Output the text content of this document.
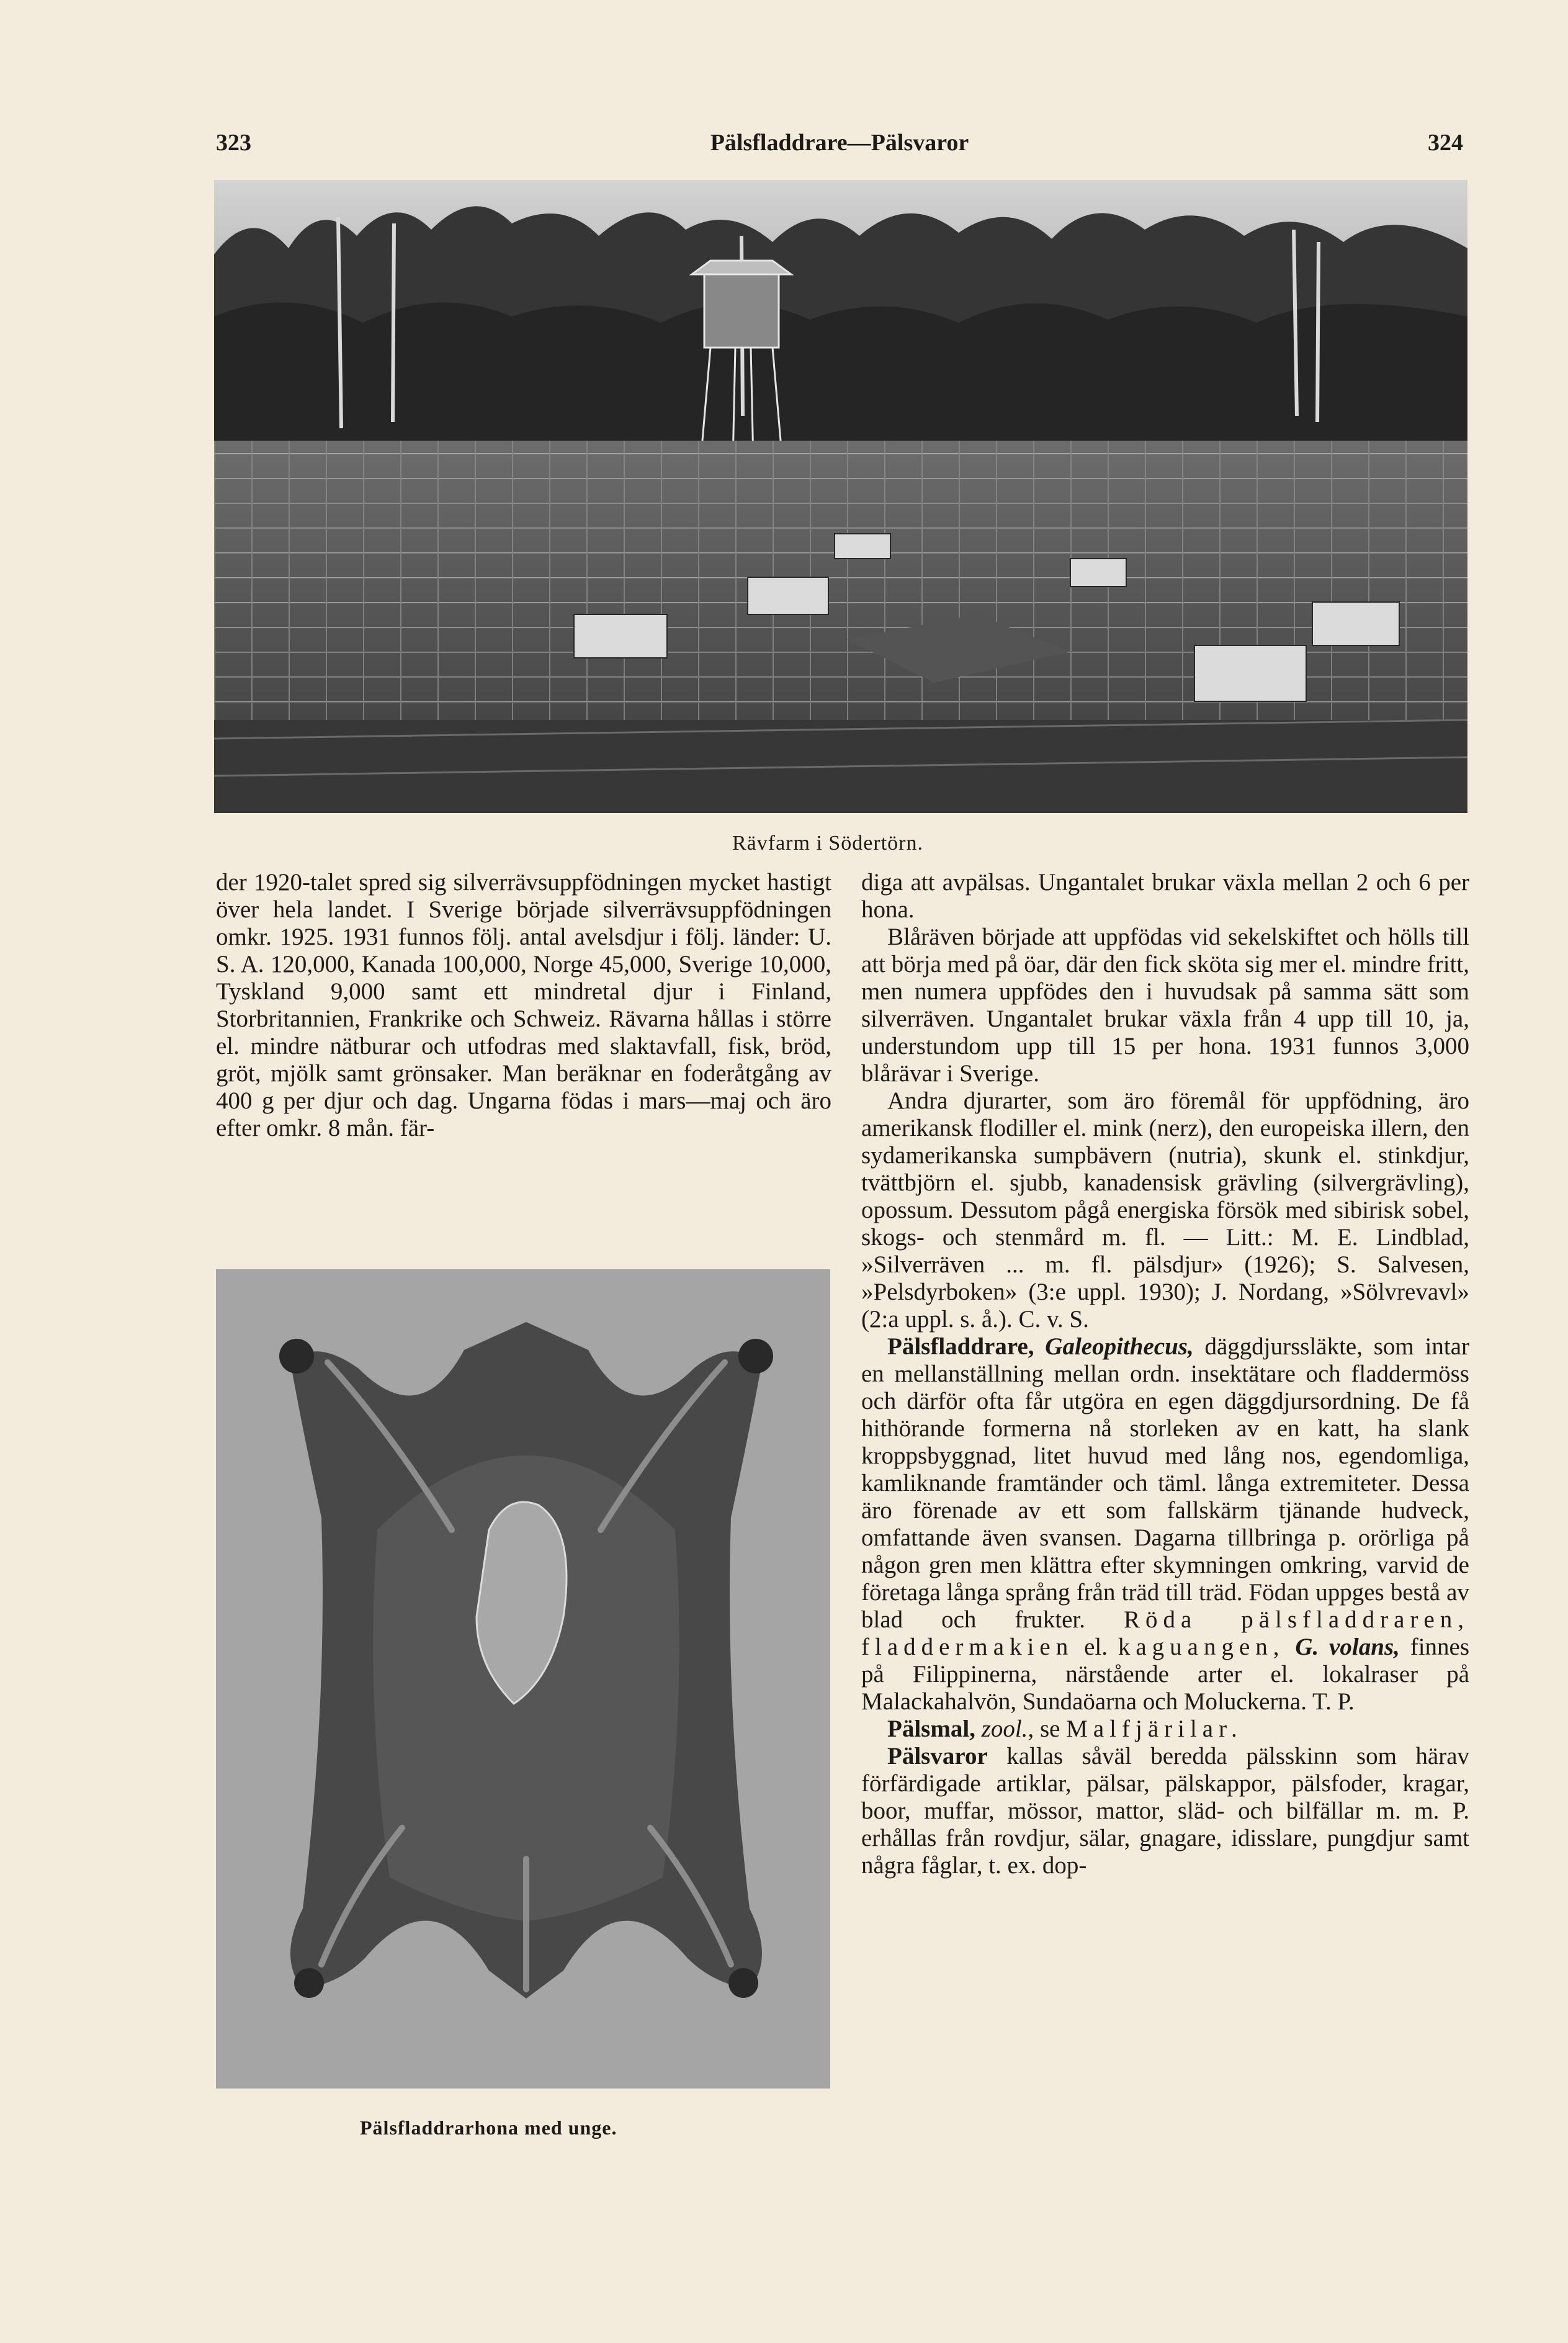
323	Pälsfladdrare—Pälsvaror	324
Rävfarm i Södertörn.

der 1920-talet spred sig silverrävsuppfödningen mycket hastigt över hela landet. I Sverige började silverrävsuppfödningen omkr. 1925. 1931 funnos följ. antal avelsdjur i följ. länder: U. S. A. 120,000, Kanada 100,000, Norge 45,000, Sverige 10,000, Tyskland 9,000 samt ett mindretal djur i Finland, Storbritannien, Frankrike och Schweiz. Rävarna hållas i större el. mindre nätburar och utfodras med slaktavfall, fisk, bröd, gröt, mjölk samt grönsaker. Man beräknar en foderåtgång av 400 g per djur och dag. Ungarna födas i mars—maj och äro efter omkr. 8 mån. fär-

Pälsfladdrarhona med unge.

diga att avpälsas. Ungantalet brukar växla mellan 2 och 6 per hona.

Blåräven började att uppfödas vid sekelskiftet och hölls till att börja med på öar, där den fick sköta sig mer el. mindre fritt, men numera uppfödes den i huvudsak på samma sätt som silverräven. Ungantalet brukar växla från 4 upp till 10, ja, understundom upp till 15 per hona. 1931 funnos 3,000 blårävar i Sverige.

Andra djurarter, som äro föremål för uppfödning, äro amerikansk flodiller el. mink (nerz), den europeiska illern, den sydamerikanska sumpbävern (nutria), skunk el. stinkdjur, tvättbjörn el. sjubb, kanadensisk grävling (silvergrävling), opossum. Dessutom pågå energiska försök med sibirisk sobel, skogs- och stenmård m. fl. — Litt.: M. E. Lindblad, »Silverräven ... m. fl. pälsdjur» (1926); S. Salvesen, »Pelsdyrboken» (3:e uppl. 1930); J. Nordang, »Sölvrevavl» (2:a uppl. s. å.). C. v. S.

Pälsfladdrare, Galeopithecus, däggdjurssläkte, som intar en mellanställning mellan ordn. insektätare och fladdermöss och därför ofta får utgöra en egen däggdjursordning. De få hithörande formerna nå storleken av en katt, ha slank kroppsbyggnad, litet huvud med lång nos, egendomliga, kamliknande framtänder och täml. långa extremiteter. Dessa äro förenade av ett som fallskärm tjänande hudveck, omfattande även svansen. Dagarna tillbringa p. orörliga på någon gren men klättra efter skymningen omkring, varvid de företaga långa språng från träd till träd. Födan uppges bestå av blad och frukter. Röda pälsfladdraren, fladdermakien el. kaguangen, G. volans, finnes på Filippinerna, närstående arter el. lokalraser på Malackahalvön, Sundaöarna och Moluckerna. T. P.

Pälsmal, zool., se Malfjärilar.

Pälsvaror kallas såväl beredda pälsskinn som härav förfärdigade artiklar, pälsar, pälskappor, pälsfoder, kragar, boor, muffar, mössor, mattor, släd- och bilfällar m. m. P. erhållas från rovdjur, sälar, gnagare, idisslare, pungdjur samt några fåglar, t. ex. dop-
